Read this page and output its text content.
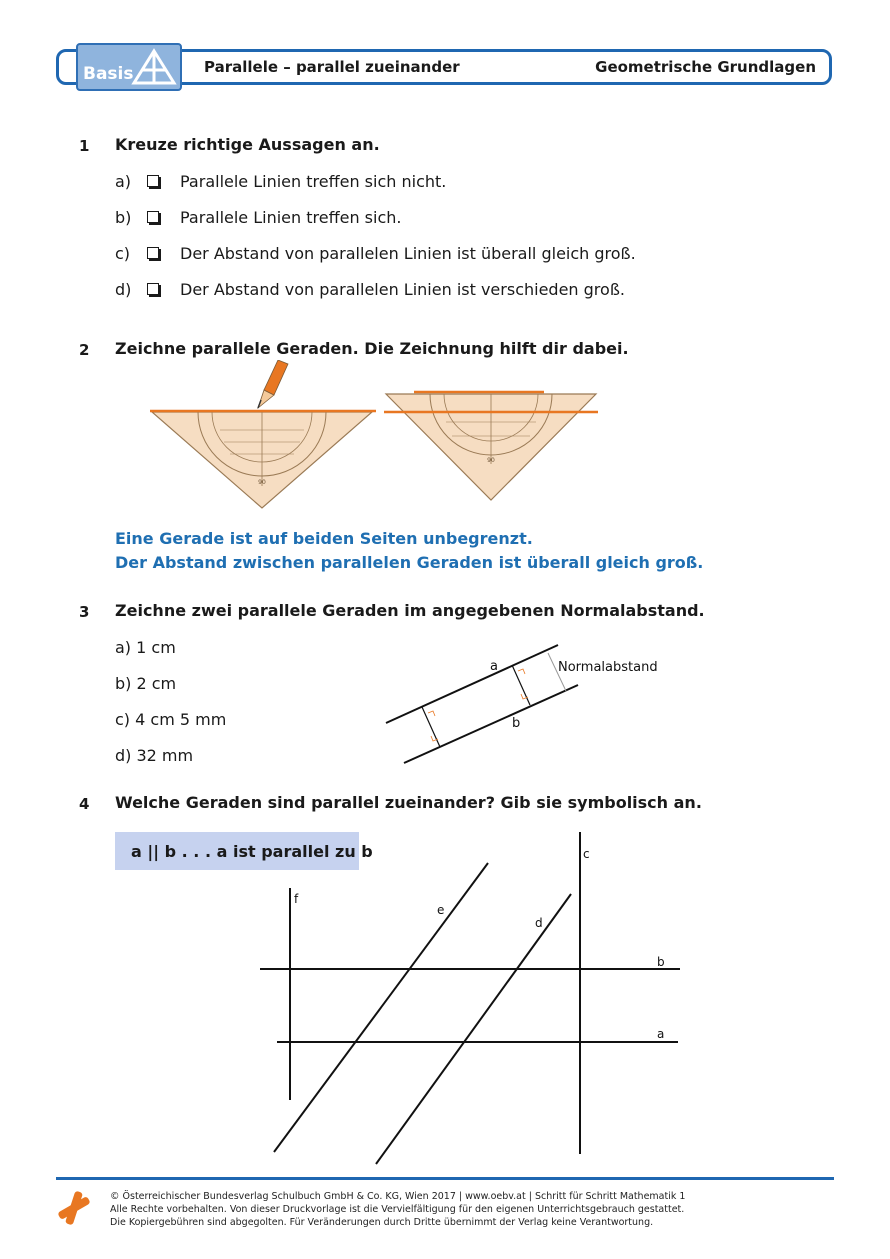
Basis	Parallele – parallel zueinander	Geometrische Grundlagen
1 Kreuze richtige Aussagen an.
a)	Parallele Linien treffen sich nicht.
b)	Parallele Linien treffen sich.
c)	Der Abstand von parallelen Linien ist überall gleich groß.
d)	Der Abstand von parallelen Linien ist verschieden groß.
2 Zeichne parallele Geraden. Die Zeichnung hilft dir dabei.
90
90
Eine Gerade ist auf beiden Seiten unbegrenzt.
Der Abstand zwischen parallelen Geraden ist überall gleich groß.
3 Zeichne zwei parallele Geraden im angegebenen Normalabstand.
a) 1 cm
b) 2 cm
c) 4 cm 5 mm
d) 32 mm
a
b
Normalabstand
4 Welche Geraden sind parallel zueinander? Gib sie symbolisch an.
a || b . . . a ist parallel zu b	c
f
e
d
b
a
© Österreichischer Bundesverlag Schulbuch GmbH & Co. KG, Wien 2017 | www.oebv.at | Schritt für Schritt Mathematik 1
Alle Rechte vorbehalten. Von dieser Druckvorlage ist die Vervielfältigung für den eigenen Unterrichtsgebrauch gestattet.
Die Kopiergebühren sind abgegolten. Für Veränderungen durch Dritte übernimmt der Verlag keine Verantwortung.
